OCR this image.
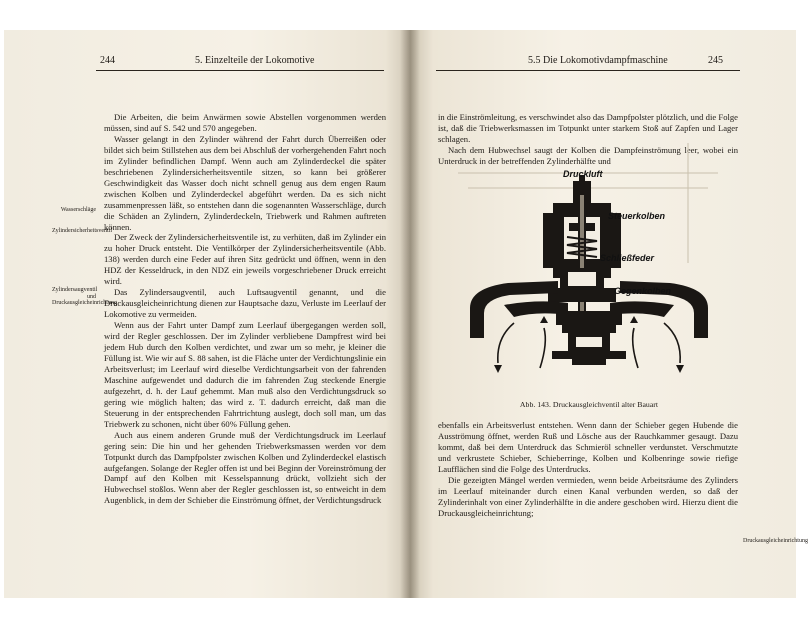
244	5. Einzelteile der Lokomotive
Wasserschläge
Zylindersicherheitsventil
Zylindersaugventil und Druckausgleicheinrichtung

Die Arbeiten, die beim Anwärmen sowie Abstellen vorgenommen werden müssen, sind auf S. 542 und 570 angegeben.

Wasser gelangt in den Zylinder während der Fahrt durch Überreißen oder bildet sich beim Stillstehen aus dem bei Abschluß der vorhergehenden Fahrt noch im Zylinder befindlichen Dampf. Wenn auch am Zylinderdeckel die später beschriebenen Zylindersicherheitsventile sitzen, so kann bei größerer Geschwindigkeit das Wasser doch nicht schnell genug aus dem engen Raum zwischen Kolben und Zylinderdeckel abgeführt werden. Da es sich nicht zusammenpressen läßt, so entstehen dann die sogenannten Wasserschläge, durch die Schäden an Zylindern, Zylinderdeckeln, Triebwerk und Rahmen auftreten können.

Der Zweck der Zylindersicherheitsventile ist, zu verhüten, daß im Zylinder ein zu hoher Druck entsteht. Die Ventilkörper der Zylindersicherheitsventile (Abb. 138) werden durch eine Feder auf ihren Sitz gedrückt und öffnen, wenn in den HDZ der Kesseldruck, in den NDZ ein jeweils vorgeschriebener Druck erreicht wird.

Das Zylindersaugventil, auch Luftsaugventil genannt, und die Druckausgleicheinrichtung dienen zur Hauptsache dazu, Verluste im Leerlauf der Lokomotive zu vermeiden.

Wenn aus der Fahrt unter Dampf zum Leerlauf übergegangen werden soll, wird der Regler geschlossen. Der im Zylinder verbliebene Dampfrest wird bei jedem Hub durch den Kolben verdichtet, und zwar um so mehr, je kleiner die Füllung ist. Wie wir auf S. 88 sahen, ist die Fläche unter der Verdichtungslinie ein Arbeitsverlust; im Leerlauf wird dieselbe Verdichtungsarbeit von der fahrenden Maschine aufgewendet und dadurch die im fahrenden Zug steckende Energie aufgezehrt, d. h. der Lauf gehemmt. Man muß also den Verdichtungsdruck so gering wie möglich halten; das wird z. T. dadurch erreicht, daß man die Steuerung in der entsprechenden Fahrtrichtung auslegt, doch soll man, um das Triebwerk zu schonen, nicht über 60% Füllung gehen.

Auch aus einem anderen Grunde muß der Verdichtungsdruck im Leerlauf gering sein: Die hin und her gehenden Triebwerksmassen werden vor dem Totpunkt durch das Dampfpolster zwischen Kolben und Zylinderdeckel elastisch aufgefangen. Solange der Regler offen ist und bei Beginn der Voreinströmung der Dampf auf den Kolben mit Kesselspannung drückt, vollzieht sich der Hubwechsel stoßlos. Wenn aber der Regler geschlossen ist, so entweicht in dem Augenblick, in dem der Schieber die Einströmung öffnet, der Verdichtungsdruck

5.5 Die Lokomotivdampfmaschine	245

in die Einströmleitung, es verschwindet also das Dampfpolster plötzlich, und die Folge ist, daß die Triebwerksmassen im Totpunkt unter starkem Stoß auf Zapfen und Lager schlagen.

Nach dem Hubwechsel saugt der Kolben die Dampfeinströmung leer, wobei ein Unterdruck in der betreffenden Zylinderhälfte und

Druckluft
Steuerkolben
Schließfeder
Gegenkolben
Abb. 143. Druckausgleichventil alter Bauart

ebenfalls ein Arbeitsverlust entstehen. Wenn dann der Schieber gegen Hubende die Ausströmung öffnet, werden Ruß und Lösche aus der Rauchkammer gesaugt. Dazu kommt, daß bei dem Unterdruck das Schmieröl schneller verdunstet. Verschmutzte und verkrustete Schieber, Schieberringe, Kolben und Kolbenringe sowie riefige Laufflächen sind die Folge des Unterdrucks.

Die gezeigten Mängel werden vermieden, wenn beide Arbeitsräume des Zylinders im Leerlauf miteinander durch einen Kanal verbunden werden, so daß der Zylinderinhalt von einer Zylinderhälfte in die andere geschoben wird. Hierzu dient die Druckausgleicheinrichtung;

Druckausgleicheinrichtung
